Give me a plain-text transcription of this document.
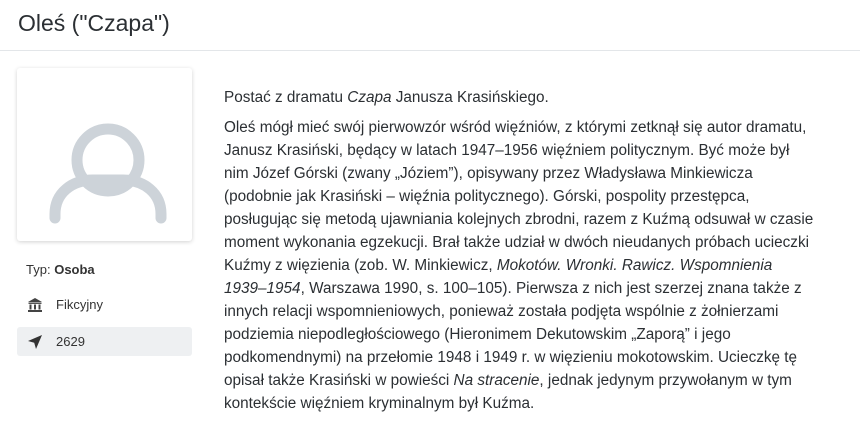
Oleś ("Czapa")
Typ: Osoba
Fikcyjny
2629

Postać z dramatu Czapa Janusza Krasińskiego.

Oleś mógł mieć swój pierwowzór wśród więźniów, z którymi zetknął się autor dramatu, Janusz Krasiński, będący w latach 1947–1956 więźniem politycznym. Być może był nim Józef Górski (zwany „Józiem”), opisywany przez Władysława Minkiewicza (podobnie jak Krasiński – więźnia politycznego). Górski, pospolity przestępca, posługując się metodą ujawniania kolejnych zbrodni, razem z Kuźmą odsuwał w czasie moment wykonania egzekucji. Brał także udział w dwóch nieudanych próbach ucieczki Kuźmy z więzienia (zob. W. Minkiewicz, Mokotów. Wronki. Rawicz. Wspomnienia 1939–1954, Warszawa 1990, s. 100–105). Pierwsza z nich jest szerzej znana także z innych relacji wspomnieniowych, ponieważ została podjęta wspólnie z żołnierzami podziemia niepodległościowego (Hieronimem Dekutowskim „Zaporą” i jego podkomendnymi) na przełomie 1948 i 1949 r. w więzieniu mokotowskim. Ucieczkę tę opisał także Krasiński w powieści Na stracenie, jednak jedynym przywołanym w tym kontekście więźniem kryminalnym był Kuźma.
